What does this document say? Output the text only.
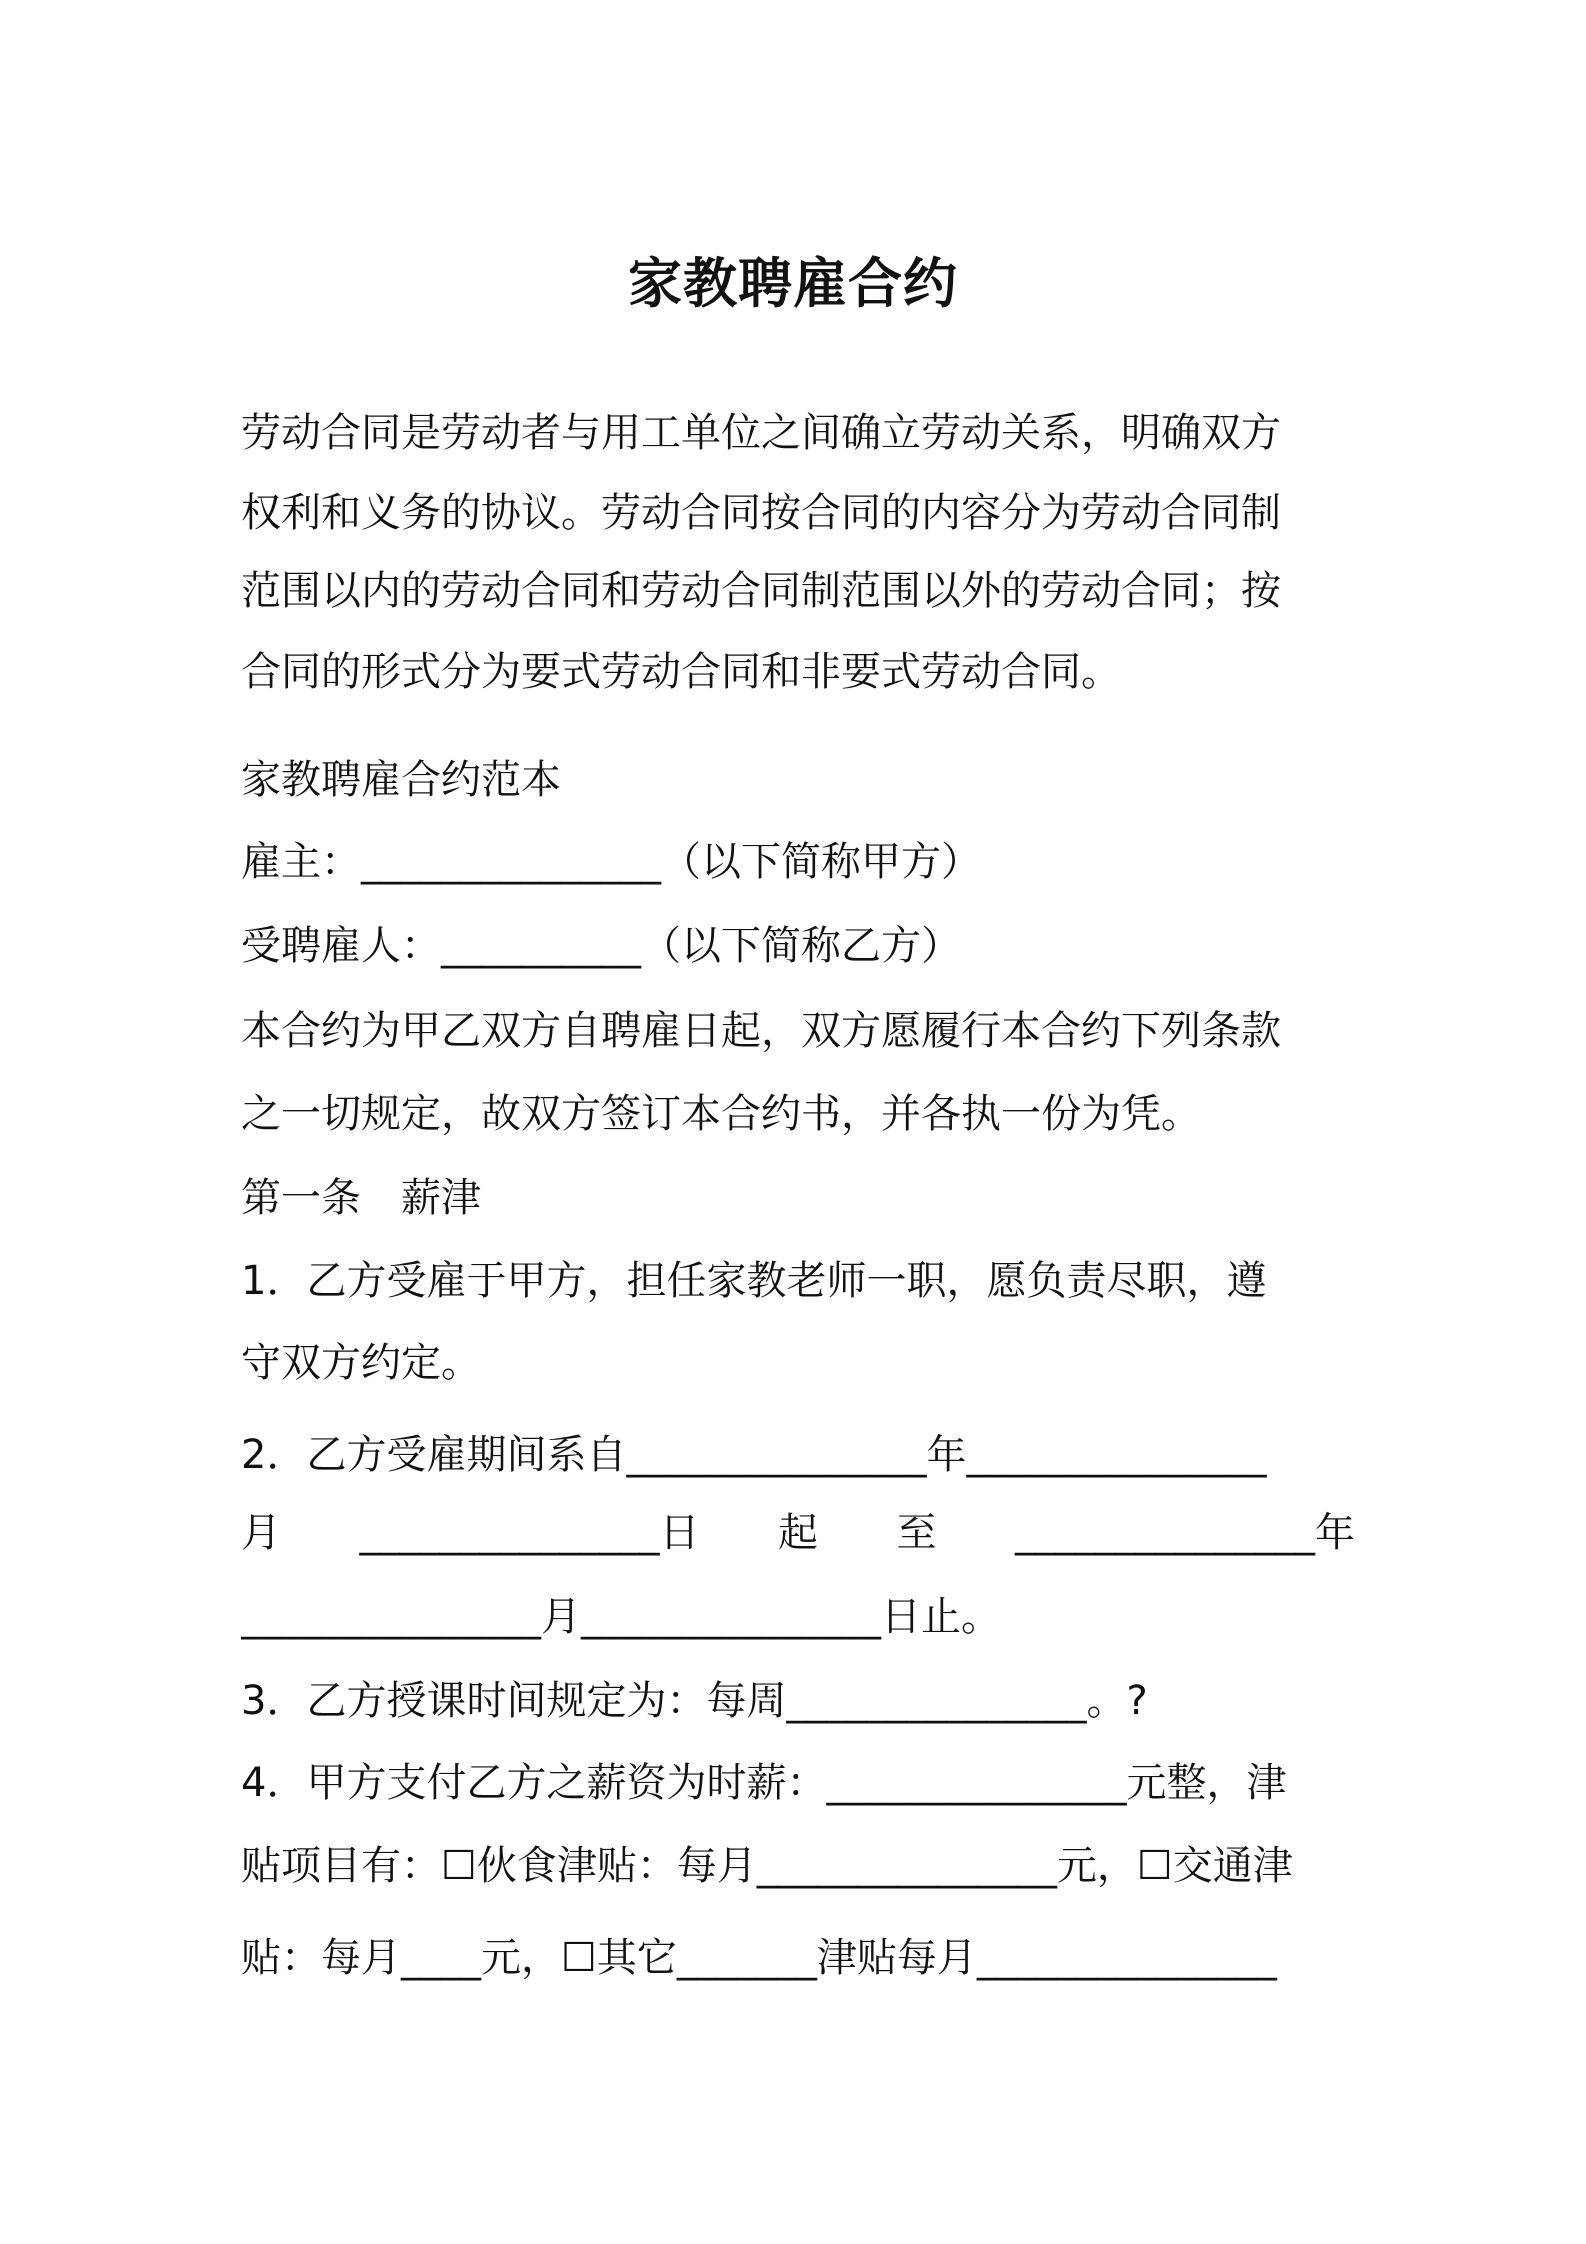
家教聘雇合约
劳动合同是劳动者与用工单位之间确立劳动关系，明确双方
权利和义务的协议。劳动合同按合同的内容分为劳动合同制
范围以内的劳动合同和劳动合同制范围以外的劳动合同；按
合同的形式分为要式劳动合同和非要式劳动合同。
家教聘雇合约范本
雇主：_______________（以下简称甲方）
受聘雇人：__________（以下简称乙方）
本合约为甲乙双方自聘雇日起，双方愿履行本合约下列条款
之一切规定，故双方签订本合约书，并各执一份为凭。
第一条　薪津
1．乙方受雇于甲方，担任家教老师一职，愿负责尽职，遵
守双方约定。
2．乙方受雇期间系自_______________年_______________
月 _______________日 起 至 _______________年
_______________月_______________日止。
3．乙方授课时间规定为：每周_______________。?
4．甲方支付乙方之薪资为时薪：_______________元整，津
贴项目有：☐伙食津贴：每月_______________元，☐交通津
贴：每月____元，☐其它_______津贴每月_______________
